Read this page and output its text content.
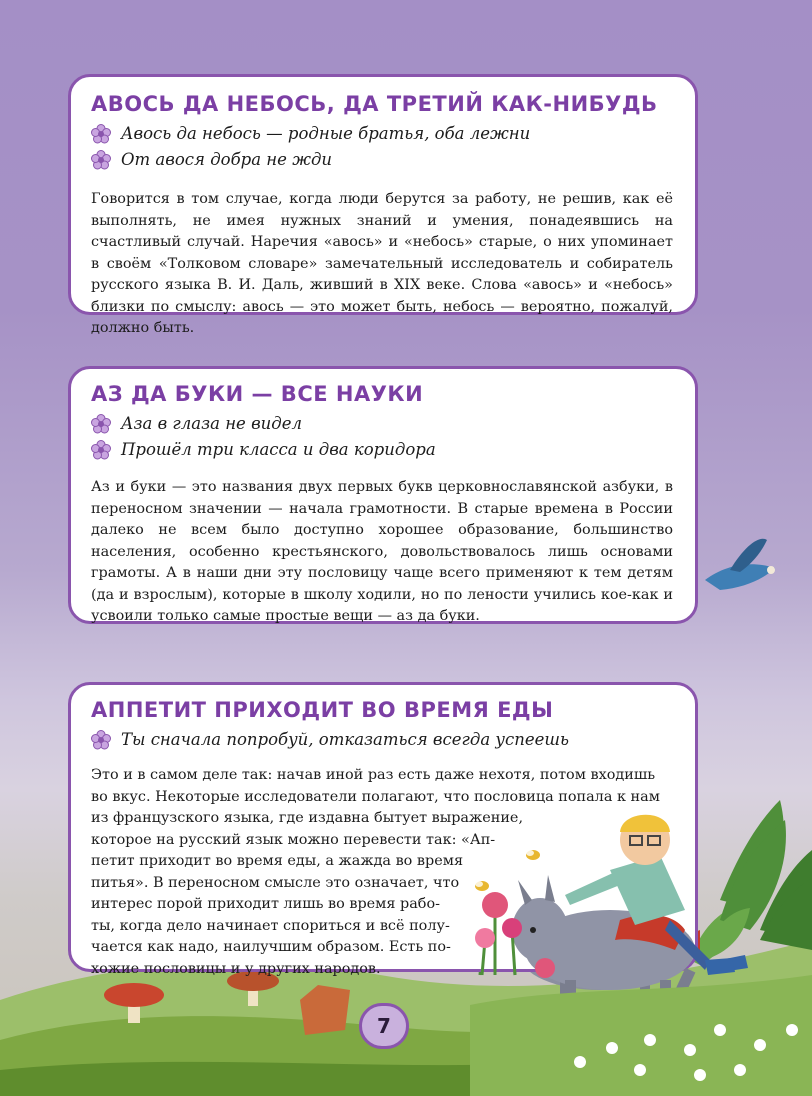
АВОСЬ ДА НЕБОСЬ, ДА ТРЕТИЙ КАК-НИБУДЬ
Авось да небось — родные братья, оба лежни
От авося добра не жди

Говорится в том случае, когда люди берутся за работу, не решив, как её выполнять, не имея нужных знаний и умения, понадеявшись на счастливый случай. Наречия «авось» и «небось» старые, о них упоминает в своём «Толковом словаре» замечательный исследователь и собиратель русского языка В. И. Даль, живший в XIX веке. Слова «авось» и «небось» близки по смыслу: авось — это может быть, небось — вероятно, пожалуй, должно быть.

АЗ ДА БУКИ — ВСЕ НАУКИ
Аза в глаза не видел
Прошёл три класса и два коридора

Аз и буки — это названия двух первых букв церковнославянской азбуки, в переносном значении — начала грамотности. В старые времена в России далеко не всем было доступно хорошее образование, большинство населения, особенно крестьянского, довольствовалось лишь основами грамоты. А в наши дни эту пословицу чаще всего применяют к тем детям (да и взрослым), которые в школу ходили, но по лености учились кое-как и усвоили только самые простые вещи — аз да буки.

АППЕТИТ ПРИХОДИТ ВО ВРЕМЯ ЕДЫ
Ты сначала попробуй, отказаться всегда успеешь
Это и в самом деле так: начав иной раз есть даже нехотя, потом входишь
во вкус. Некоторые исследователи полагают, что пословица попала к нам
из французского языка, где издавна бытует выражение,
которое на русский язык можно перевести так: «Ап-
петит приходит во время еды, а жажда во время
питья». В переносном смысле это означает, что
интерес порой приходит лишь во время рабо-
ты, когда дело начинает спориться и всё полу-
чается как надо, наилучшим образом. Есть по-
хожие пословицы и у других народов.
7
